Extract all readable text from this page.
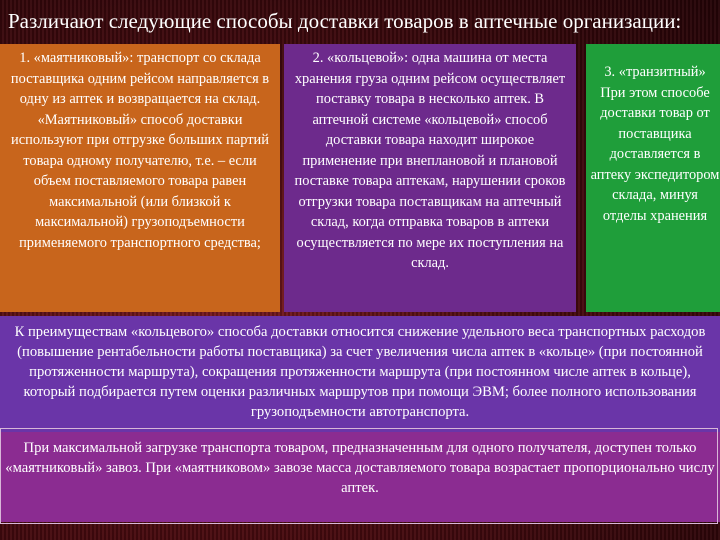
Различают следующие способы доставки товаров в аптечные организации:
1. «маятниковый»: транспорт со склада поставщика одним рейсом направляется в одну из аптек и возвращается на склад. «Маятниковый» способ доставки используют при отгрузке больших партий товара одному получателю, т.е. – если объем поставляемого товара равен максимальной (или близкой к максимальной) грузоподъемности применяемого транспортного средства;
2. «кольцевой»: одна машина от места хранения груза одним рейсом осуществляет поставку товара в несколько аптек. В аптечной системе «кольцевой» способ доставки товара находит широкое применение при внеплановой и плановой поставке товара аптекам, нарушении сроков отгрузки товара поставщикам на аптечный склад, когда отправка товаров в аптеки осуществляется по мере их поступления на склад.
3. «транзитный» При этом способе доставки товар от поставщика доставляется в аптеку экспедитором склада, минуя отделы хранения
К преимуществам «кольцевого» способа доставки относится снижение удельного веса транспортных расходов (повышение рентабельности работы поставщика) за счет увеличения числа аптек в «кольце» (при постоянной протяженности маршрута), сокращения протяженности маршрута (при постоянном числе аптек в кольце), который подбирается путем оценки различных маршрутов при помощи ЭВМ; более полного использования грузоподъемности автотранспорта.
При максимальной загрузке транспорта товаром, предназначенным для одного получателя, доступен только «маятниковый» завоз. При «маятниковом» завозе масса доставляемого товара возрастает пропорционально числу аптек.
